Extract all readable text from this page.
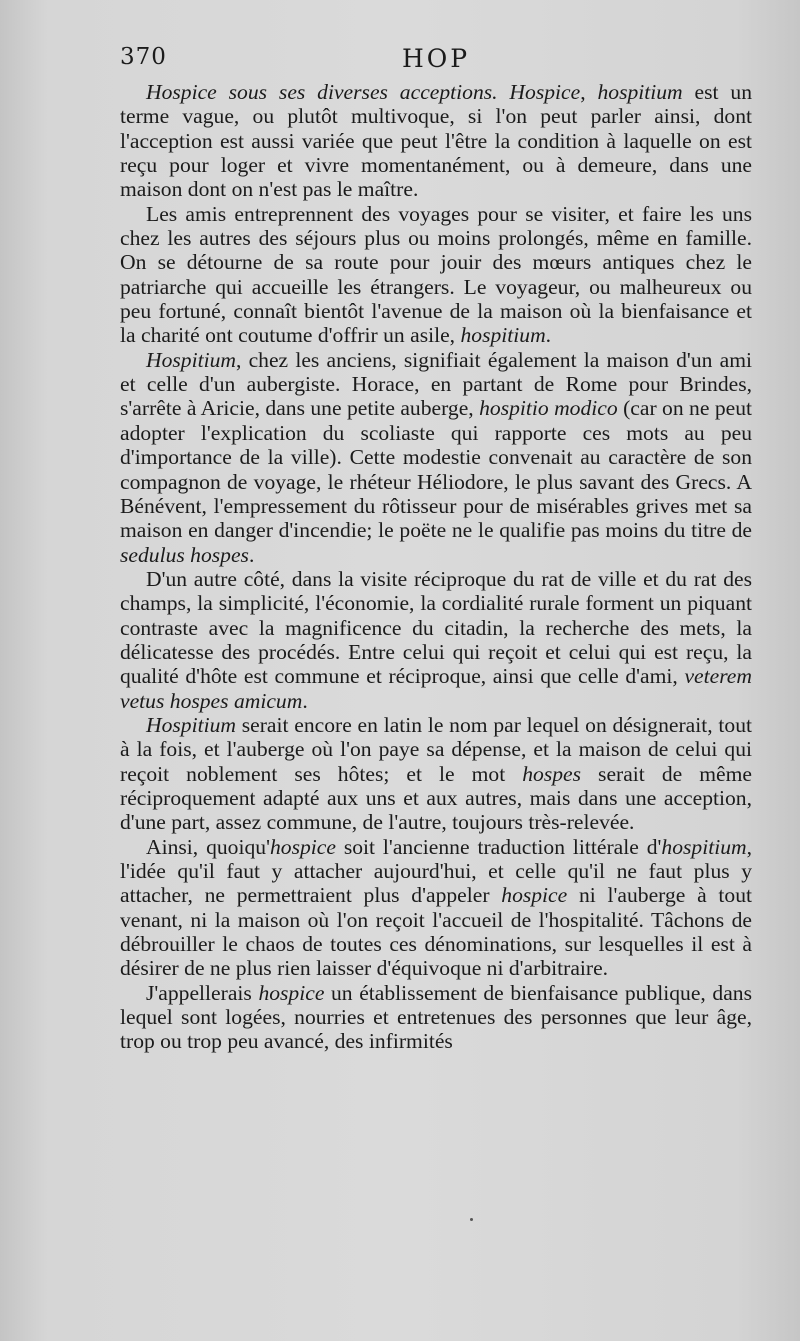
370	HOP

Hospice sous ses diverses acceptions. Hospice, hospitium est un terme vague, ou plutôt multivoque, si l'on peut parler ainsi, dont l'acception est aussi variée que peut l'être la condition à laquelle on est reçu pour loger et vivre momentanément, ou à demeure, dans une maison dont on n'est pas le maître.

Les amis entreprennent des voyages pour se visiter, et faire les uns chez les autres des séjours plus ou moins prolongés, même en famille. On se détourne de sa route pour jouir des mœurs antiques chez le patriarche qui accueille les étrangers. Le voyageur, ou malheureux ou peu fortuné, connaît bientôt l'avenue de la maison où la bienfaisance et la charité ont coutume d'offrir un asile, hospitium.

Hospitium, chez les anciens, signifiait également la maison d'un ami et celle d'un aubergiste. Horace, en partant de Rome pour Brindes, s'arrête à Aricie, dans une petite auberge, hospitio modico (car on ne peut adopter l'explication du scoliaste qui rapporte ces mots au peu d'importance de la ville). Cette modestie convenait au caractère de son compagnon de voyage, le rhéteur Héliodore, le plus savant des Grecs. A Bénévent, l'empressement du rôtisseur pour de misérables grives met sa maison en danger d'incendie; le poëte ne le qualifie pas moins du titre de sedulus hospes.

D'un autre côté, dans la visite réciproque du rat de ville et du rat des champs, la simplicité, l'économie, la cordialité rurale forment un piquant contraste avec la magnificence du citadin, la recherche des mets, la délicatesse des procédés. Entre celui qui reçoit et celui qui est reçu, la qualité d'hôte est commune et réciproque, ainsi que celle d'ami, veterem vetus hospes amicum.

Hospitium serait encore en latin le nom par lequel on désignerait, tout à la fois, et l'auberge où l'on paye sa dépense, et la maison de celui qui reçoit noblement ses hôtes; et le mot hospes serait de même réciproquement adapté aux uns et aux autres, mais dans une acception, d'une part, assez commune, de l'autre, toujours très-relevée.

Ainsi, quoiqu'hospice soit l'ancienne traduction littérale d'hospitium, l'idée qu'il faut y attacher aujourd'hui, et celle qu'il ne faut plus y attacher, ne permettraient plus d'appeler hospice ni l'auberge à tout venant, ni la maison où l'on reçoit l'accueil de l'hospitalité. Tâchons de débrouiller le chaos de toutes ces dénominations, sur lesquelles il est à désirer de ne plus rien laisser d'équivoque ni d'arbitraire.

J'appellerais hospice un établissement de bienfaisance publique, dans lequel sont logées, nourries et entretenues des personnes que leur âge, trop ou trop peu avancé, des infirmités
